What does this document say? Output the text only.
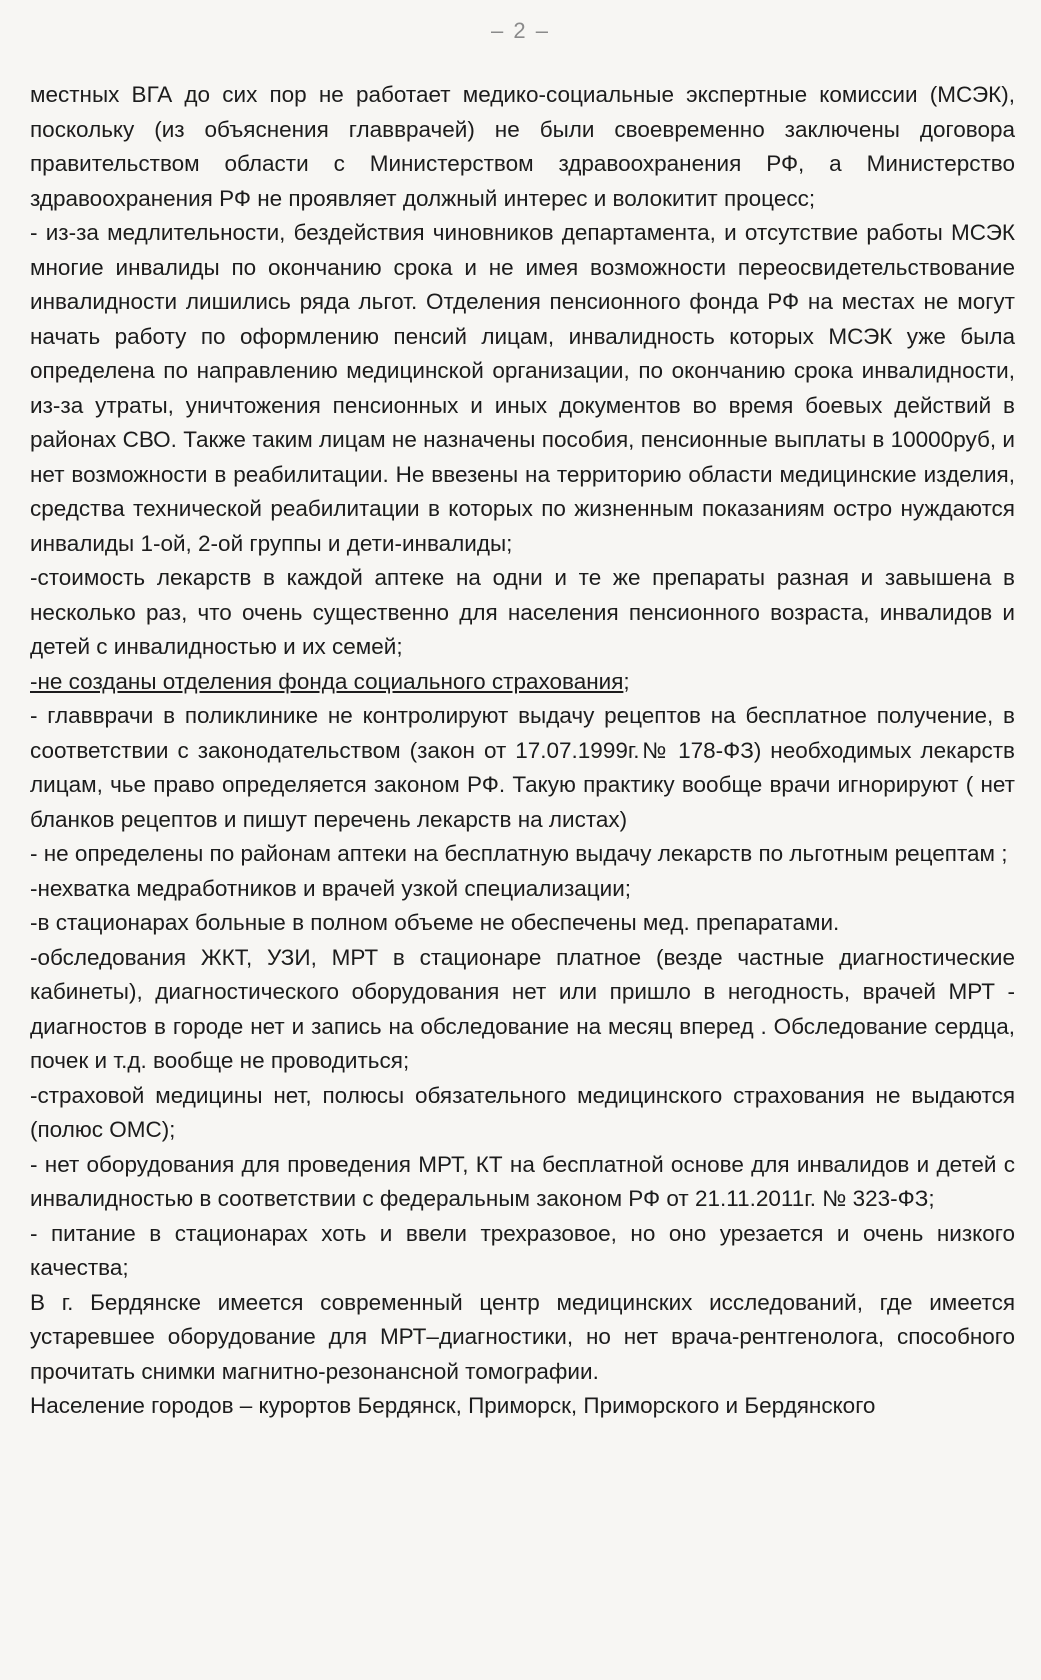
– 2 –

местных ВГА до сих пор не работает медико-социальные экспертные комиссии (МСЭК), поскольку (из объяснения главврачей) не были своевременно заключены договора правительством области с Министерством здравоохранения РФ, а Министерство здравоохранения РФ не проявляет должный интерес и волокитит процесс;

- из-за медлительности, бездействия чиновников департамента, и отсутствие работы МСЭК многие инвалиды по окончанию срока и не имея возможности переосвидетельствование инвалидности лишились ряда льгот. Отделения пенсионного фонда РФ на местах не могут начать работу по оформлению пенсий лицам, инвалидность которых МСЭК уже была определена по направлению медицинской организации, по окончанию срока инвалидности, из-за утраты, уничтожения пенсионных и иных документов во время боевых действий в районах СВО. Также таким лицам не назначены пособия, пенсионные выплаты в 10000руб, и нет возможности в реабилитации. Не ввезены на территорию области медицинские изделия, средства технической реабилитации в которых по жизненным показаниям остро нуждаются инвалиды 1-ой, 2-ой группы и дети-инвалиды;

-стоимость лекарств в каждой аптеке на одни и те же препараты разная и завышена в несколько раз, что очень существенно для населения пенсионного возраста, инвалидов и детей с инвалидностью и их семей;

-не созданы отделения фонда социального страхования;

- главврачи в поликлинике не контролируют выдачу рецептов на бесплатное получение, в соответствии с законодательством (закон от 17.07.1999г.№ 178-ФЗ) необходимых лекарств лицам, чье право определяется законом РФ. Такую практику вообще врачи игнорируют ( нет бланков рецептов и пишут перечень лекарств на листах)

- не определены по районам аптеки на бесплатную выдачу лекарств по льготным рецептам ;

-нехватка медработников и врачей узкой специализации;

-в стационарах больные в полном объеме не обеспечены мед. препаратами.

-обследования ЖКТ, УЗИ, МРТ в стационаре платное (везде частные диагностические кабинеты), диагностического оборудования нет или пришло в негодность, врачей МРТ - диагностов в городе нет и запись на обследование на месяц вперед . Обследование сердца, почек и т.д. вообще не проводиться;

-страховой медицины нет, полюсы обязательного медицинского страхования не выдаются (полюс ОМС);

- нет оборудования для проведения МРТ, КТ на бесплатной основе для инвалидов и детей с инвалидностью в соответствии с федеральным законом РФ от 21.11.2011г. № 323-ФЗ;

- питание в стационарах хоть и ввели трехразовое, но оно урезается и очень низкого качества;

В г. Бердянске имеется современный центр медицинских исследований, где имеется устаревшее оборудование для МРТ–диагностики, но нет врача-рентгенолога, способного прочитать снимки магнитно-резонансной томографии.

Население городов – курортов Бердянск, Приморск, Приморского и Бердянского
